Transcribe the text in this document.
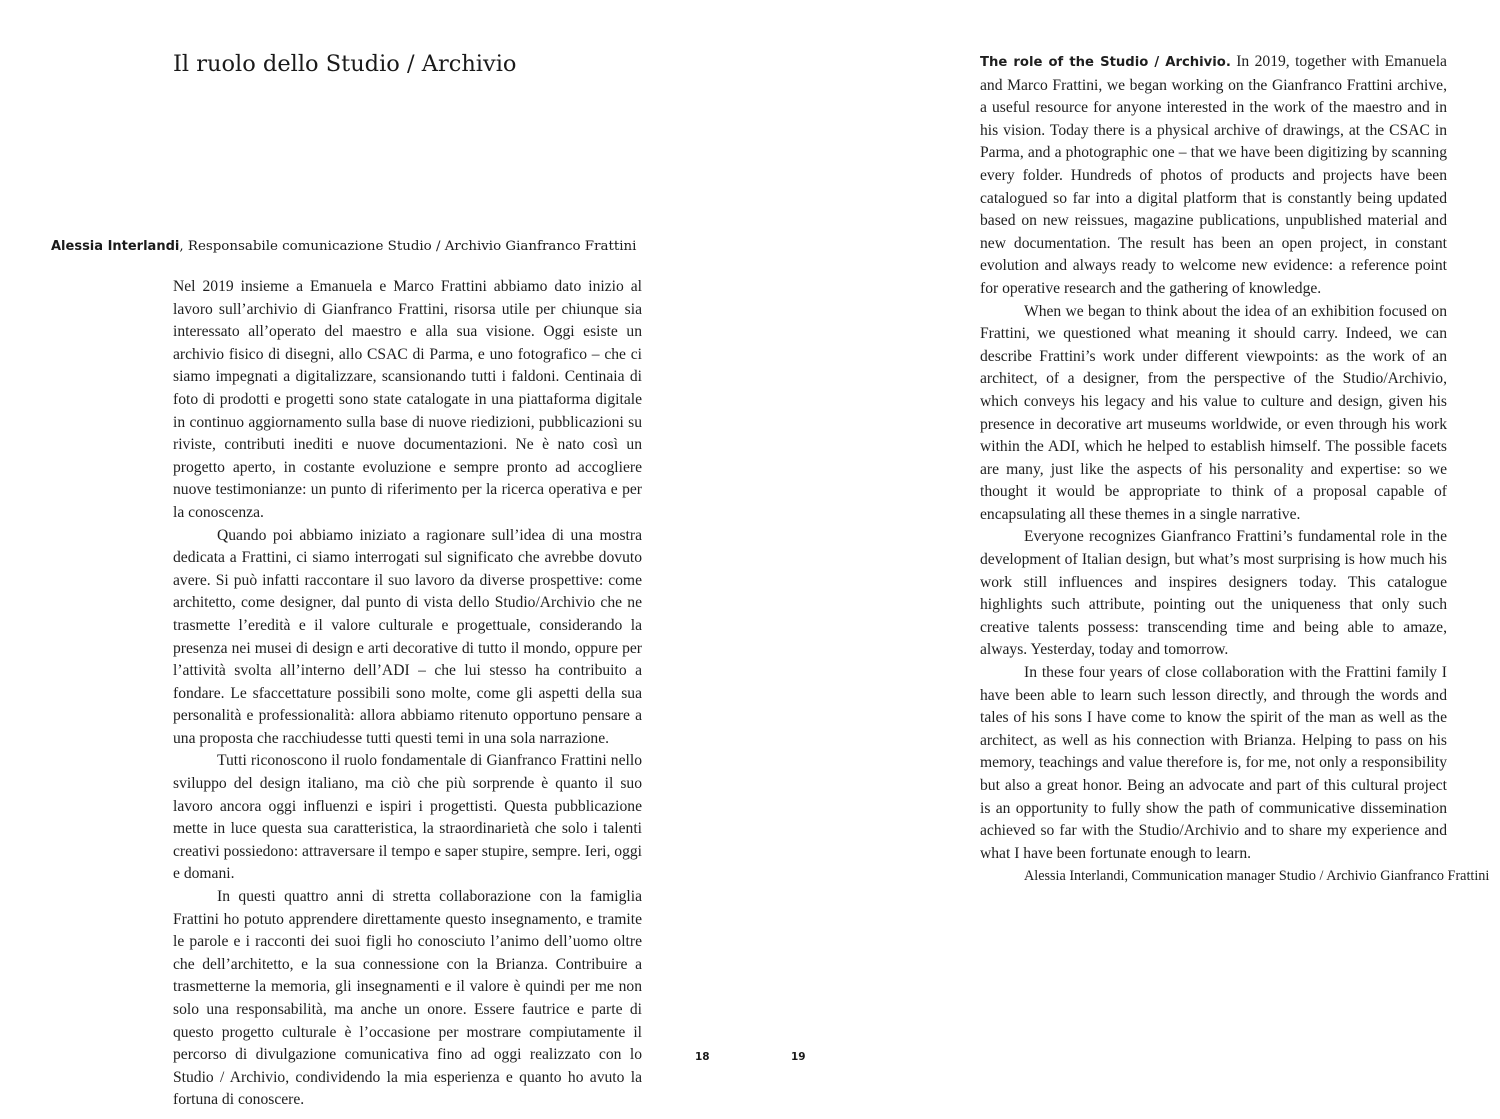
Il ruolo dello Studio / Archivio

Alessia Interlandi, Responsabile comunicazione Studio / Archivio Gianfranco Frattini

Nel 2019 insieme a Emanuela e Marco Frattini abbiamo dato inizio al lavoro sull’archivio di Gianfranco Frattini, risorsa utile per chiunque sia interessato all’operato del maestro e alla sua visione. Oggi esiste un archivio fisico di disegni, allo CSAC di Parma, e uno fotografico – che ci siamo impegnati a digitalizzare, scansionando tutti i faldoni. Centinaia di foto di prodotti e progetti sono state catalogate in una piattaforma digitale in continuo aggiornamento sulla base di nuove riedizioni, pubblicazioni su riviste, contributi inediti e nuove documentazioni. Ne è nato così un progetto aperto, in costante evoluzione e sempre pronto ad accogliere nuove testimonianze: un punto di riferimento per la ricerca operativa e per la conoscenza.

Quando poi abbiamo iniziato a ragionare sull’idea di una mostra dedicata a Frattini, ci siamo interrogati sul significato che avrebbe dovuto avere. Si può infatti raccontare il suo lavoro da diverse prospettive: come architetto, come designer, dal punto di vista dello Studio/Archivio che ne trasmette l’eredità e il valore culturale e progettuale, considerando la presenza nei musei di design e arti decorative di tutto il mondo, oppure per l’attività svolta all’interno dell’ADI – che lui stesso ha contribuito a fondare. Le sfaccettature possibili sono molte, come gli aspetti della sua personalità e professionalità: allora abbiamo ritenuto opportuno pensare a una proposta che racchiudesse tutti questi temi in una sola narrazione.

Tutti riconoscono il ruolo fondamentale di Gianfranco Frattini nello sviluppo del design italiano, ma ciò che più sorprende è quanto il suo lavoro ancora oggi influenzi e ispiri i progettisti. Questa pubblicazione mette in luce questa sua caratteristica, la straordinarietà che solo i talenti creativi possiedono: attraversare il tempo e saper stupire, sempre. Ieri, oggi e domani.

In questi quattro anni di stretta collaborazione con la famiglia Frattini ho potuto apprendere direttamente questo insegnamento, e tramite le parole e i racconti dei suoi figli ho conosciuto l’animo dell’uomo oltre che dell’architetto, e la sua connessione con la Brianza. Contribuire a trasmetterne la memoria, gli insegnamenti e il valore è quindi per me non solo una responsabilità, ma anche un onore. Essere fautrice e parte di questo progetto culturale è l’occasione per mostrare compiutamente il percorso di divulgazione comunicativa fino ad oggi realizzato con lo Studio / Archivio, condividendo la mia esperienza e quanto ho avuto la fortuna di conoscere.

18

The role of the Studio / Archivio. In 2019, together with Emanuela and Marco Frattini, we began working on the Gianfranco Frattini archive, a useful resource for anyone interested in the work of the maestro and in his vision. Today there is a physical archive of drawings, at the CSAC in Parma, and a photographic one – that we have been digitizing by scanning every folder. Hundreds of photos of products and projects have been catalogued so far into a digital platform that is constantly being updated based on new reissues, magazine publications, unpublished material and new documentation. The result has been an open project, in constant evolution and always ready to welcome new evidence: a reference point for operative research and the gathering of knowledge.

When we began to think about the idea of an exhibition focused on Frattini, we questioned what meaning it should carry. Indeed, we can describe Frattini’s work under different viewpoints: as the work of an architect, of a designer, from the perspective of the Studio/Archivio, which conveys his legacy and his value to culture and design, given his presence in decorative art museums worldwide, or even through his work within the ADI, which he helped to establish himself. The possible facets are many, just like the aspects of his personality and expertise: so we thought it would be appropriate to think of a proposal capable of encapsulating all these themes in a single narrative.

Everyone recognizes Gianfranco Frattini’s fundamental role in the development of Italian design, but what’s most surprising is how much his work still influences and inspires designers today. This catalogue highlights such attribute, pointing out the uniqueness that only such creative talents possess: transcending time and being able to amaze, always. Yesterday, today and tomorrow.

In these four years of close collaboration with the Frattini family I have been able to learn such lesson directly, and through the words and tales of his sons I have come to know the spirit of the man as well as the architect, as well as his connection with Brianza. Helping to pass on his memory, teachings and value therefore is, for me, not only a responsibility but also a great honor. Being an advocate and part of this cultural project is an opportunity to fully show the path of communicative dissemination achieved so far with the Studio/Archivio and to share my experience and what I have been fortunate enough to learn.

Alessia Interlandi, Communication manager Studio / Archivio Gianfranco Frattini

19
